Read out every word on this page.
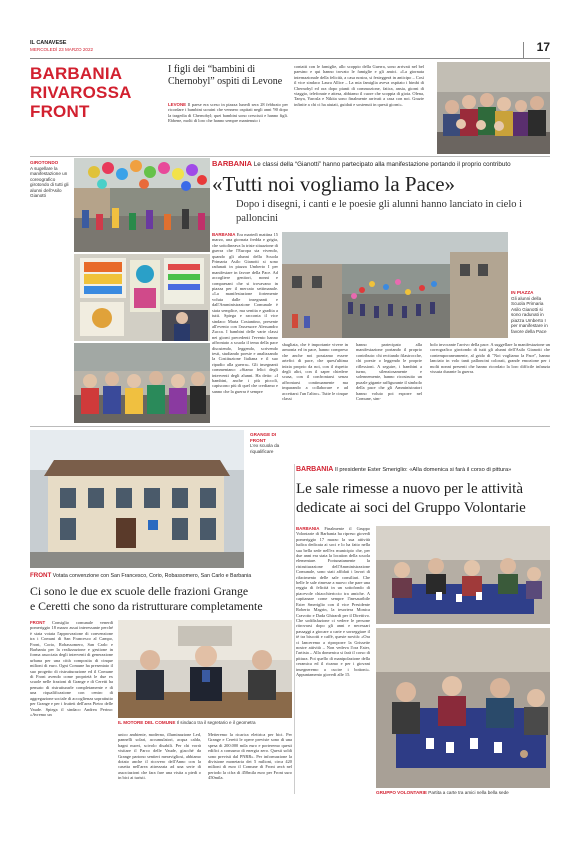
IL CANAVESE
MERCOLEDÌ 23 MARZO 2022	17
BARBANIA
RIVAROSSA
FRONT
I figli dei “bambini di Chernobyl” ospiti di Levone
LEVONE Il paese era sceso in piazza lunedì sera 28 febbraio per ricordare i bambini ucraini che vennero ospitati negli anni '90 dopo la tragedia di Chernobyl; quei bambini sono cresciuti e hanno figli. Ebbene, molti di loro che hanno sempre mantenuto i
contatti con le famiglie, allo scoppio della Guerra, sono arrivati nel bel paesino e qui hanno trovato le famiglie e gli amici. «La giornata internazionale della felicità, a casa nostra, si festeggerà in anticipo – Così il vice sindaco Laura Allice – La mia famiglia aveva ospitato i bimbi di Chernobyl ed ora dopo pianti di commozione, fatica, ansia, giorni di viaggio, telefonate e attesa, abbiamo il cuore che scoppia di gioia. Olena, Tanya, Yarosla e Nikita sono finalmente arrivati a casa con noi. Grazie infinite a chi ci ha aiutati, guidati e sostenuti in questi giorni».
GIROTONDO
A sugellare la manifestazione un coreografico girotondo di tutti gli alunni dell'Asilo Gianotti
BARBANIA Le classi della “Gianotti” hanno partecipato alla manifestazione portando il proprio contributo
«Tutti noi vogliamo la Pace»
Dopo i disegni, i canti e le poesie gli alunni hanno lanciato in cielo i palloncini
BARBANIA Era martedì mattina 15 marzo, una giornata fredda e grigia, che sottolineava la triste situazione di guerra che l'Europa sta vivendo, quando gli alunni della Scuola Primaria Asilo Gianotti si sono radunati in piazza Umberto I per manifestare in favore della Pace. Ad accogliere genitori, nonni e compaesani che si trovavano in piazza per il mercato settimanale. «La manifestazione fortemente voluta dalle insegnanti e dall'Amministrazione Comunale è stata semplice, ma sentita e gradita a tutti. Spiega e racconta il vice sindaco Marta Costantino, presente all'evento con l'assessore Alessandro Zucca. I bambini delle varie classi nei giorni precedenti l'evento hanno affrontato a scuola il tema della pace discutendo, leggendo, scrivendo testi, studiando poesie e analizzando la Costituzione Italiana e il suo ripudio alla guerra». Gli insegnanti commentano: «Siamo felici degli interventi degli alunni. Ha detto: «I bambini, anche i più piccoli, capiscono più di quel che crediamo e sanno che la guerra è sempre
IN PIAZZA
Gli alunni della Scuola Primaria Asilo Gianotti si sono radunati in piazza Umberto I per manifestare in favore della Pace
sbagliata, che è importante vivere in armonia ed in pace, hanno compreso che anche noi possiamo essere artefici di pace, che quest'ultima inizia proprio da noi, con il rispetto degli altri, con il saper chiedere scusa, con il confrontarsi senza affrontarsi continuamente ma imparando a collaborare e ad accettarsi l'un l'altro». Tutte le cinque classi
hanno partecipato alla manifestazione portando il proprio contributo: chi recitando filastrocche, chi poesie o leggendo le proprie riflessioni. A seguire, i bambini a turno, silenziosamente e solennemente, hanno ricostruito un puzzle gigante raffigurante il simbolo della pace che gli Amministratori hanno voluto poi esporre nel Comune, sim-
bolo invocante l'arrivo della pace. A suggellare la manifestazione un coreografico girotondo di tutti gli alunni dell'Asilo Gianotti che contemporaneamente, al grido di "Noi vogliamo la Pace", hanno lanciato in volo tanti palloncini colorati, grande emozione per i molti nonni presenti che hanno ricordato la loro difficile infanzia vissuta durante la guerra.
GRANGE DI FRONT
L'ex scuola da riqualificare
FRONT Votata convenzione con San Francesco, Corio, Robassomero, San Carlo e Barbania
Ci sono le due ex scuole delle frazioni Grange
e Ceretti che sono da ristrutturare completamente
FRONT Consiglio comunale venerdì pomeriggio 18 marzo assai interessante perché è stata votata l'approvazione di convenzione tra i Comuni di San Francesco al Campo, Front, Corio, Robassomero, San Carlo e Barbania per la realizzazione e gestione in forma associata degli interventi di generazione urbana per una città composita di cinque milioni di euro. Ogni Comune ha presentato il suo progetto di ristrutturazione ed il Comune di Front avendo come proprietà le due ex scuole nelle frazioni di Grange e di Ceretti ha pensato di ristrutturarle completamente e di una riqualificazione con centro di aggregazione sociale di accoglienza soprattutto per Grange e per i frutteti dell'area Pietro delle Vaude. Spiega il sindaco Andrea Perino: «Avremo un
IL MOTORE DEL COMUNE Il sindaco tra il segretario e il geometra
unico ambiente, moderno, illuminazione Led, pannelli solari, accumulatori, acqua calda, bagni nuovi, scivolo disabili. Per chi vorrà visitare il Parco delle Vaude, giacché da Grange partono sentieri meravigliosi, abbiamo dotato anche il ricovero dell'Anno con la casetta nell'area attrezzata ad una serie di associazioni che fara fare una visita a piedi o in bici ai turisti.
Metteremo la ricarica elettrica per bici. Per Grange e Ceretti le opere previste sono di una spesa di 200.000 mila euro e porteremo questi edifici a consumo di energia zero. Questi soldi sono previsti dal PNRR». Per informazione la divisione monetaria dei 5 milioni, circa 420 milioni di euro il Comune di Front avrà nel periodo la cifra di 450mila euro per Front suro 450mila.
BARBANIA Il presidente Ester Smeriglio: «Alla domenica si farà il corso di pittura»
Le sale rimesse a nuovo per le attività
dedicate ai soci del Gruppo Volontarie
BARBANIA Finalmente il Gruppo Volontarie di Barbania ha ripreso giovedì pomeriggio 17 marzo la sua attività ludica dedicata ai soci e lo ha fatto nella sua bella sede nell'ex municipio che, per due anni era stata la location della scuola elementare. Fortunatamente la ristrutturazione dell'Amministrazione Comunale, sono stati affidati i lavori di rifacimento delle sale consiliari. Che belle le sale rimesse a nuovo che pare una reggia di felicità in un sottofondo di piacevole chiacchiericcio tra amiche. A capitanare come sempre l'inesauribile Ester Smeriglio con il vice Presidente Roberto Magrin, la tesoriera Monica Cravotto e Dada Ghirardi per il Direttivo. Che soddisfazione ci vedere le persone ritrovarsi dopo gli anni e necessari passaggi a giocare a carte e sorseggiare il tè tra biscotti e caffè, queste novità: «Ora ci lanceremo a riproporre la Grissette nostre attività – Non vedeva l'ora Ester, l'artista – Alla domenica si farà il corso di pittura. Poi quello di manipolazione della ceramica ed il ricamo e per i giovani insegneremo a cucire i bottoni». Appuntamento giovedì alle 15.
GRUPPO VOLONTARIE Partita a carte tra amici nella bella sede
